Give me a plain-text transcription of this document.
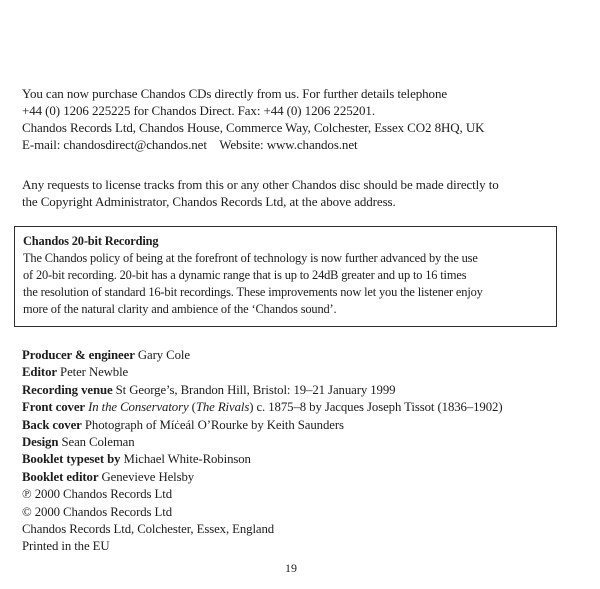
You can now purchase Chandos CDs directly from us. For further details telephone
+44 (0) 1206 225225 for Chandos Direct. Fax: +44 (0) 1206 225201.
Chandos Records Ltd, Chandos House, Commerce Way, Colchester, Essex CO2 8HQ, UK
E-mail: chandosdirect@chandos.net    Website: www.chandos.net
Any requests to license tracks from this or any other Chandos disc should be made directly to
the Copyright Administrator, Chandos Records Ltd, at the above address.
Chandos 20-bit Recording
The Chandos policy of being at the forefront of technology is now further advanced by the use
of 20-bit recording. 20-bit has a dynamic range that is up to 24dB greater and up to 16 times
the resolution of standard 16-bit recordings. These improvements now let you the listener enjoy
more of the natural clarity and ambience of the ‘Chandos sound’.
Producer & engineer Gary Cole
Editor Peter Newble
Recording venue St George’s, Brandon Hill, Bristol: 19–21 January 1999
Front cover In the Conservatory (The Rivals) c. 1875–8 by Jacques Joseph Tissot (1836–1902)
Back cover Photograph of Míċeál O’Rourke by Keith Saunders
Design Sean Coleman
Booklet typeset by Michael White-Robinson
Booklet editor Genevieve Helsby
℗ 2000 Chandos Records Ltd
© 2000 Chandos Records Ltd
Chandos Records Ltd, Colchester, Essex, England
Printed in the EU
19
